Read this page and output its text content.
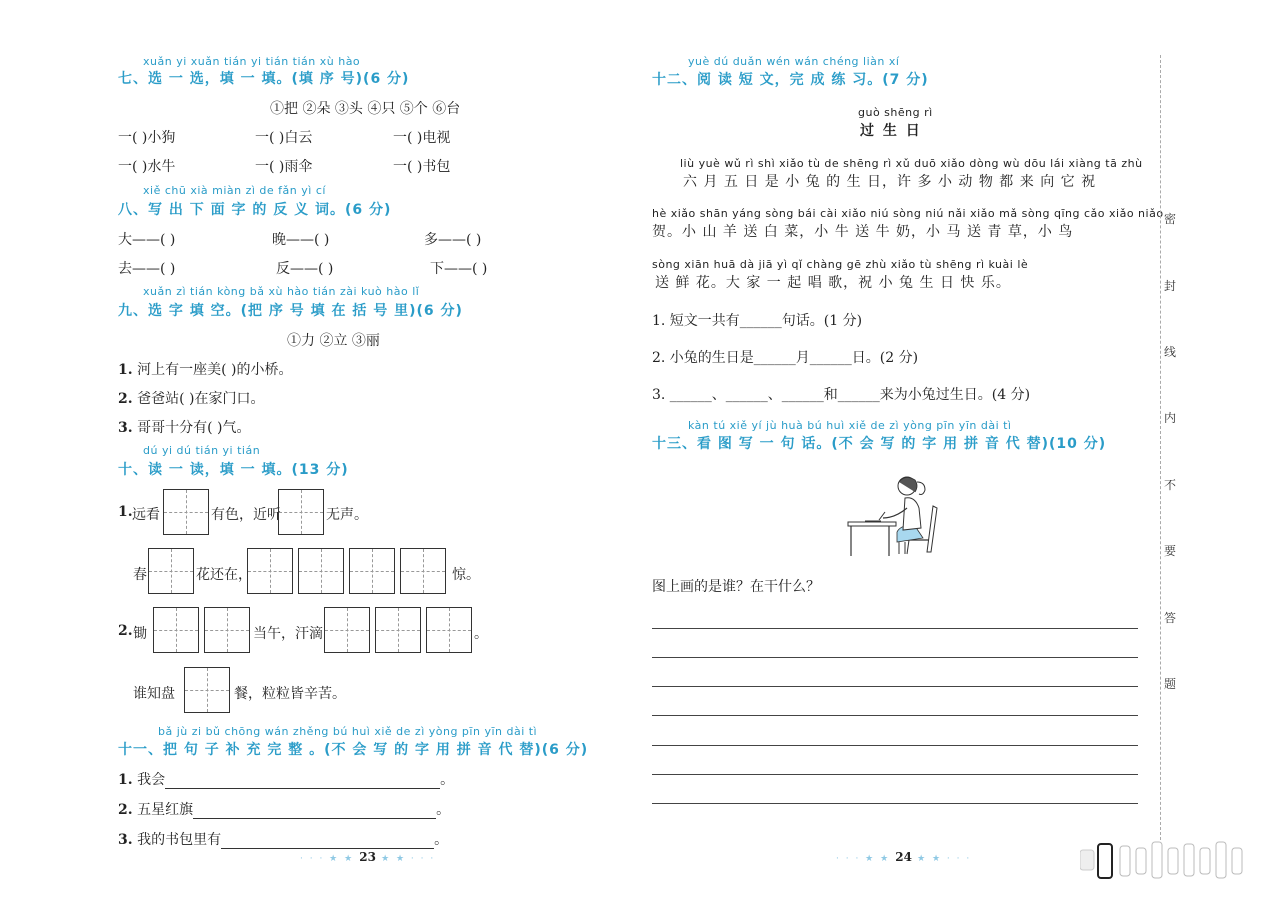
xuǎn yi xuǎn tián yi tián tián xù hào
七、选 一 选，填 一 填。(填 序 号)(6 分)
①把 ②朵 ③头 ④只 ⑤个 ⑥台
一( )小狗	一( )白云	一( )电视
一( )水牛	一( )雨伞	一( )书包
xiě chū xià miàn zì de fǎn yì cí
八、写 出 下 面 字 的 反 义 词。(6 分)
大——( )	晚——( )	多——( )
去——( )	反——( )	下——( )
xuǎn zì tián kòng bǎ xù hào tián zài kuò hào lǐ
九、选 字 填 空。(把 序 号 填 在 括 号 里)(6 分)
①力 ②立 ③丽
1. 河上有一座美( )的小桥。
2. 爸爸站( )在家门口。
3. 哥哥十分有( )气。
dú yi dú tián yi tián
十、读 一 读，填 一 填。(13 分)
1. 远看	有色，近听	无声。
春	花还在，	惊。
2. 锄	当午，汗滴	。
谁知盘	餐，粒粒皆辛苦。
bǎ jù zi bǔ chōng wán zhěng bú huì xiě de zì yòng pīn yīn dài tì
十一、把 句 子 补 充 完 整 。(不 会 写 的 字 用 拼 音 代 替)(6 分)
1. 我会	。
2. 五星红旗	。
3. 我的书包里有	。
· · · ★ ★ 23 ★ ★ · · ·
yuè dú duǎn wén wán chéng liàn xí
十二、阅 读 短 文，完 成 练 习。(7 分)
guò shēng rì
过 生 日
liù yuè wǔ rì shì xiǎo tù de shēng rì xǔ duō xiǎo dòng wù dōu lái xiàng tā zhù
六 月 五 日 是 小 兔 的 生 日，许 多 小 动 物 都 来 向 它 祝
hè xiǎo shān yáng sòng bái cài xiǎo niú sòng niú nǎi xiǎo mǎ sòng qīng cǎo xiǎo niǎo
贺。小 山 羊 送 白 菜，小 牛 送 牛 奶，小 马 送 青 草，小 鸟
sòng xiān huā dà jiā yì qǐ chàng gē zhù xiǎo tù shēng rì kuài lè
送 鲜 花。大 家 一 起 唱 歌，祝 小 兔 生 日 快 乐。
1. 短文一共有______句话。(1 分)
2. 小兔的生日是______月______日。(2 分)
3. ______、______、______和______来为小兔过生日。(4 分)
kàn tú xiě yí jù huà bú huì xiě de zì yòng pīn yīn dài tì
十三、看 图 写 一 句 话。(不 会 写 的 字 用 拼 音 代 替)(10 分)
图上画的是谁？在干什么？
· · · ★ ★ 24 ★ ★ · · ·
密
封
线
内
不
要
答
题
